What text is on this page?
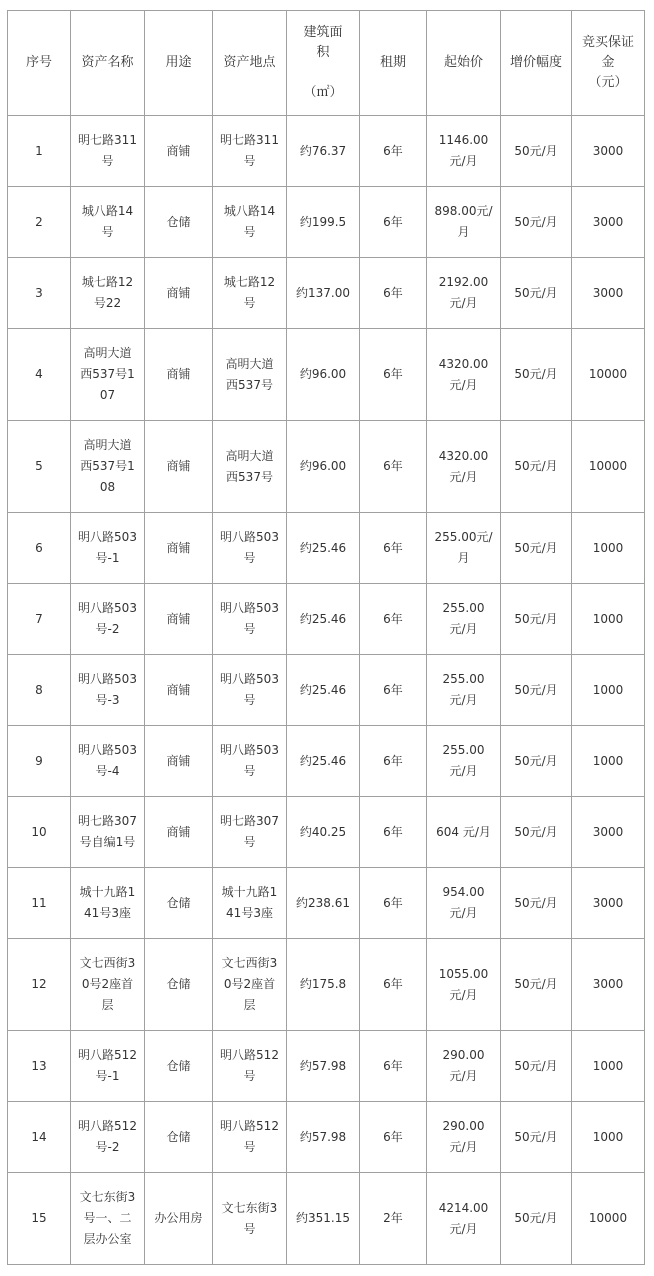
序号	资产名称	用途	资产地点	建筑面
积

（㎡）	租期	起始价	增价幅度	竞买保证
金
（元）
1	明七路311
号	商铺	明七路311
号	约76.37	6年	1146.00
元/月	50元/月	3000
2	城八路14
号	仓储	城八路14
号	约199.5	6年	898.00元/
月	50元/月	3000
3	城七路12
号22	商铺	城七路12
号	约137.00	6年	2192.00
元/月	50元/月	3000
4	高明大道
西537号1
07	商铺	高明大道
西537号	约96.00	6年	4320.00
元/月	50元/月	10000
5	高明大道
西537号1
08	商铺	高明大道
西537号	约96.00	6年	4320.00
元/月	50元/月	10000
6	明八路503
号-1	商铺	明八路503
号	约25.46	6年	255.00元/
月	50元/月	1000
7	明八路503
号-2	商铺	明八路503
号	约25.46	6年	255.00
元/月	50元/月	1000
8	明八路503
号-3	商铺	明八路503
号	约25.46	6年	255.00
元/月	50元/月	1000
9	明八路503
号-4	商铺	明八路503
号	约25.46	6年	255.00
元/月	50元/月	1000
10	明七路307
号自编1号	商铺	明七路307
号	约40.25	6年	604 元/月	50元/月	3000
11	城十九路1
41号3座	仓储	城十九路1
41号3座	约238.61	6年	954.00
元/月	50元/月	3000
12	文七西街3
0号2座首
层	仓储	文七西街3
0号2座首
层	约175.8	6年	1055.00
元/月	50元/月	3000
13	明八路512
号-1	仓储	明八路512
号	约57.98	6年	290.00
元/月	50元/月	1000
14	明八路512
号-2	仓储	明八路512
号	约57.98	6年	290.00
元/月	50元/月	1000
15	文七东街3
号一、二
层办公室	办公用房	文七东街3
号	约351.15	2年	4214.00
元/月	50元/月	10000
